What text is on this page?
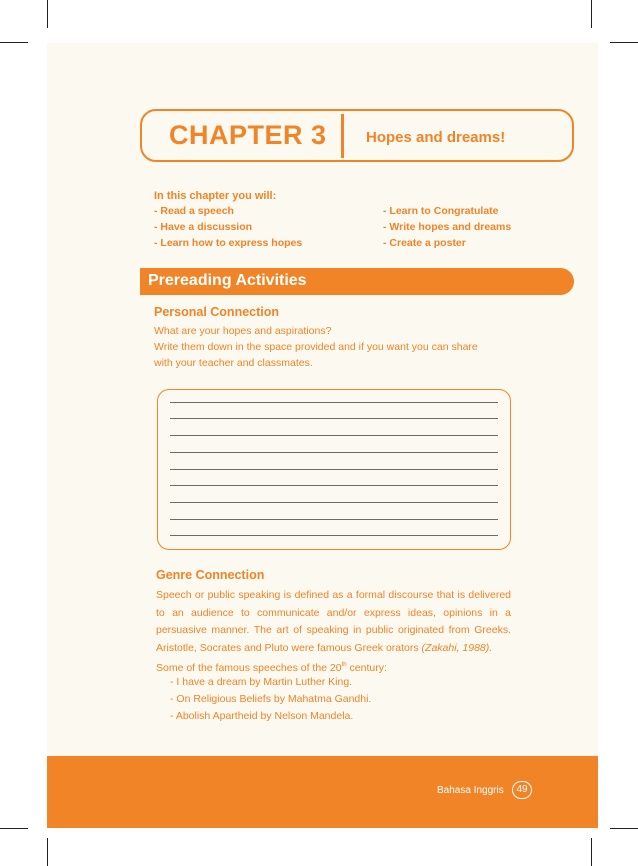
CHAPTER 3	Hopes and dreams!
In this chapter you will:
- Read a speech
- Have a discussion
- Learn how to express hopes
- Learn to Congratulate
- Write hopes and dreams
- Create a poster
Prereading Activities
Personal Connection
What are your hopes and aspirations?
Write them down in the space provided and if you want you can share
with your teacher and classmates.
Genre Connection
Speech or public speaking is defined as a formal discourse that is delivered
to an audience to communicate and/or express ideas, opinions in a
persuasive manner. The art of speaking in public originated from Greeks.
Aristotle, Socrates and Pluto were famous Greek orators (Zakahi, 1988).
Some of the famous speeches of the 20th century:
- I have a dream by Martin Luther King.
- On Religious Beliefs by Mahatma Gandhi.
- Abolish Apartheid by Nelson Mandela.
Bahasa Inggris	49
